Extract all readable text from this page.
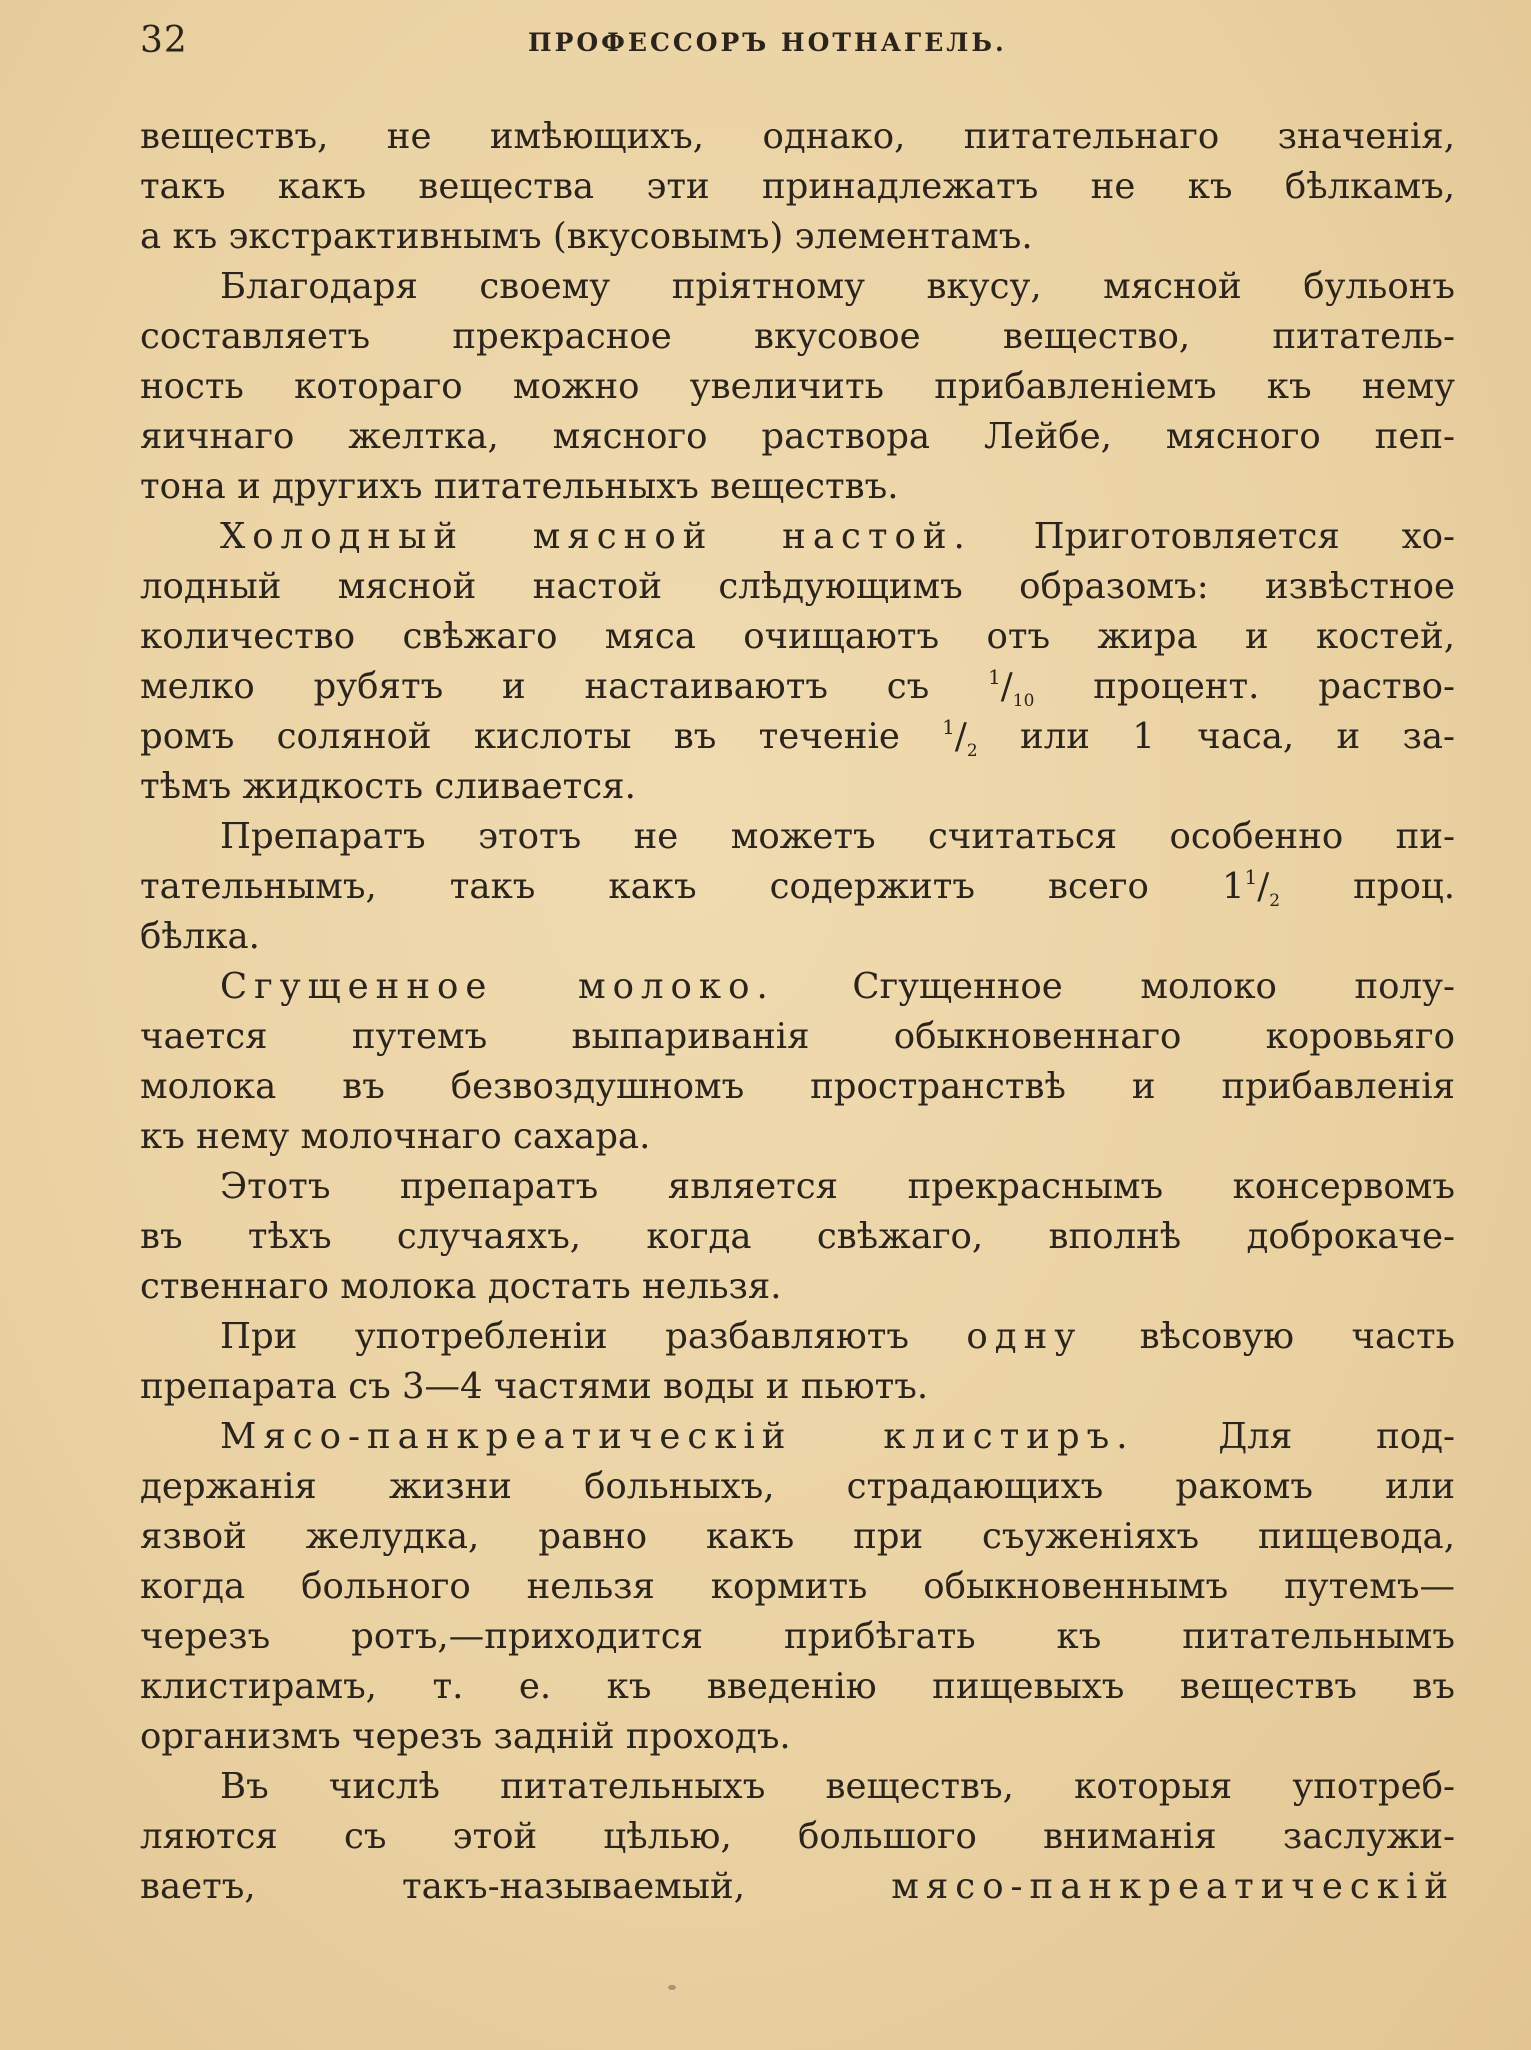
32	ПРОФЕССОРЪ НОТНАГЕЛЬ.
веществъ, не имѣющихъ, однако, питательнаго значенія,
такъ какъ вещества эти принадлежатъ не къ бѣлкамъ,
а къ экстрактивнымъ (вкусовымъ) элементамъ.
Благодаря своему пріятному вкусу, мясной бульонъ
составляетъ прекрасное вкусовое вещество, питатель-
ность котораго можно увеличить прибавленіемъ къ нему
яичнаго желтка, мясного раствора Лейбе, мясного пеп-
тона и другихъ питательныхъ веществъ.
Холодный мясной настой. Приготовляется хо-
лодный мясной настой слѣдующимъ образомъ: извѣстное
количество свѣжаго мяса очищаютъ отъ жира и костей,
мелко рубятъ и настаиваютъ съ $^1/_{10}$ процент. раство-
ромъ соляной кислоты въ теченіе $^1/_2$ или 1 часа, и за-
тѣмъ жидкость сливается.
Препаратъ этотъ не можетъ считаться особенно пи-
тательнымъ, такъ какъ содержитъ всего $1^1/_2$ проц.
бѣлка.
Сгущенное молоко. Сгущенное молоко полу-
чается путемъ выпариванія обыкновеннаго коровьяго
молока въ безвоздушномъ пространствѣ и прибавленія
къ нему молочнаго сахара.
Этотъ препаратъ является прекраснымъ консервомъ
въ тѣхъ случаяхъ, когда свѣжаго, вполнѣ доброкаче-
ственнаго молока достать нельзя.
При употребленіи разбавляютъ одну вѣсовую часть
препарата съ 3—4 частями воды и пьютъ.
Мясо-панкреатическій клистиръ. Для под-
держанія жизни больныхъ, страдающихъ ракомъ или
язвой желудка, равно какъ при съуженіяхъ пищевода,
когда больного нельзя кормить обыкновеннымъ путемъ—
черезъ ротъ,—приходится прибѣгать къ питательнымъ
клистирамъ, т. е. къ введенію пищевыхъ веществъ въ
организмъ черезъ задній проходъ.
Въ числѣ питательныхъ веществъ, которыя употреб-
ляются съ этой цѣлью, большого вниманія заслужи-
ваетъ, такъ-называемый, мясо-панкреатическій
